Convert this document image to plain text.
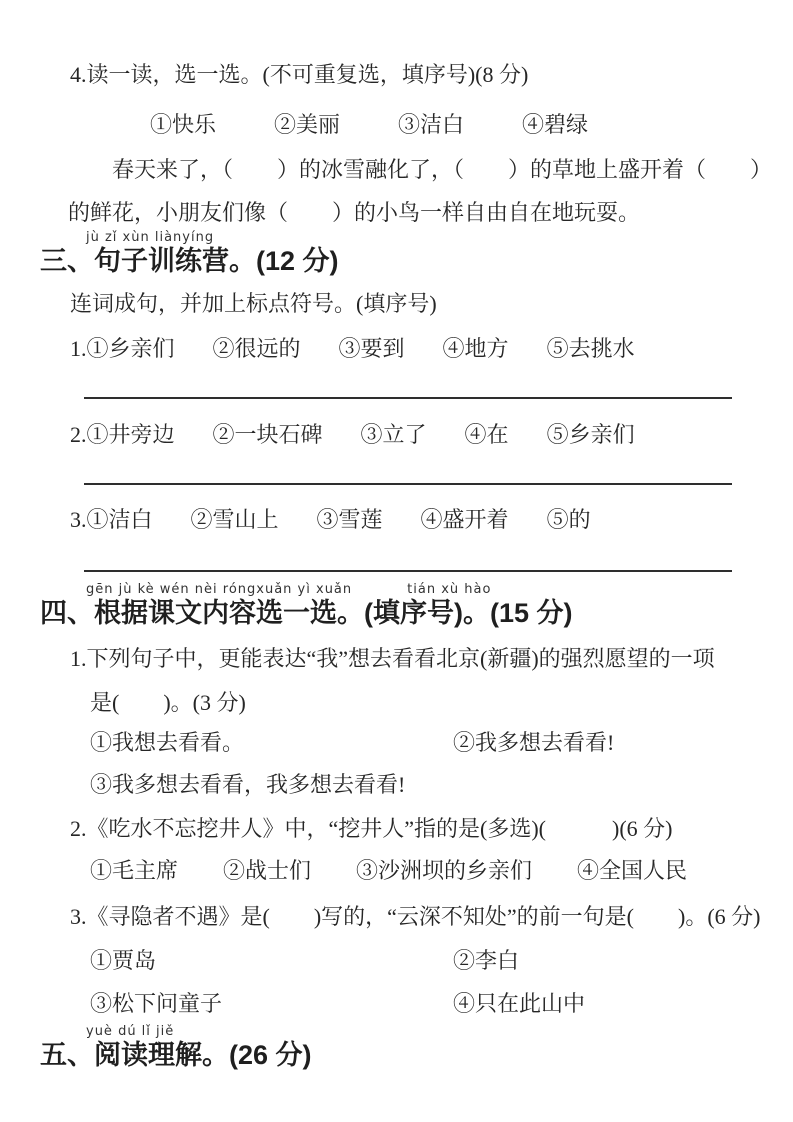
4.读一读，选一选。(不可重复选，填序号)(8 分)
①快乐	②美丽	③洁白	④碧绿
春天来了，（　　）的冰雪融化了，（　　）的草地上盛开着（　　）
的鲜花，小朋友们像（　　）的小鸟一样自由自在地玩耍。
jù zǐ xùn liànyíng
三、句子训练营。(12 分)
连词成句，并加上标点符号。(填序号)
1.①乡亲们 ②很远的 ③要到 ④地方 ⑤去挑水
2.①井旁边 ②一块石碑 ③立了 ④在 ⑤乡亲们
3.①洁白 ②雪山上 ③雪莲 ④盛开着 ⑤的
gēn jù kè wén nèi róngxuǎn yì xuǎn	tián xù hào
四、根据课文内容选一选。(填序号)。(15 分)
1.下列句子中，更能表达“我”想去看看北京(新疆)的强烈愿望的一项
是(　　)。(3 分)
①我想去看看。	②我多想去看看!
③我多想去看看，我多想去看看!
2.《吃水不忘挖井人》中，“挖井人”指的是(多选)(　　　)(6 分)
①毛主席 ②战士们 ③沙洲坝的乡亲们 ④全国人民
3.《寻隐者不遇》是(　　)写的，“云深不知处”的前一句是(　　)。(6 分)
①贾岛	②李白
③松下问童子	④只在此山中
yuè dú lǐ jiě
五、阅读理解。(26 分)
